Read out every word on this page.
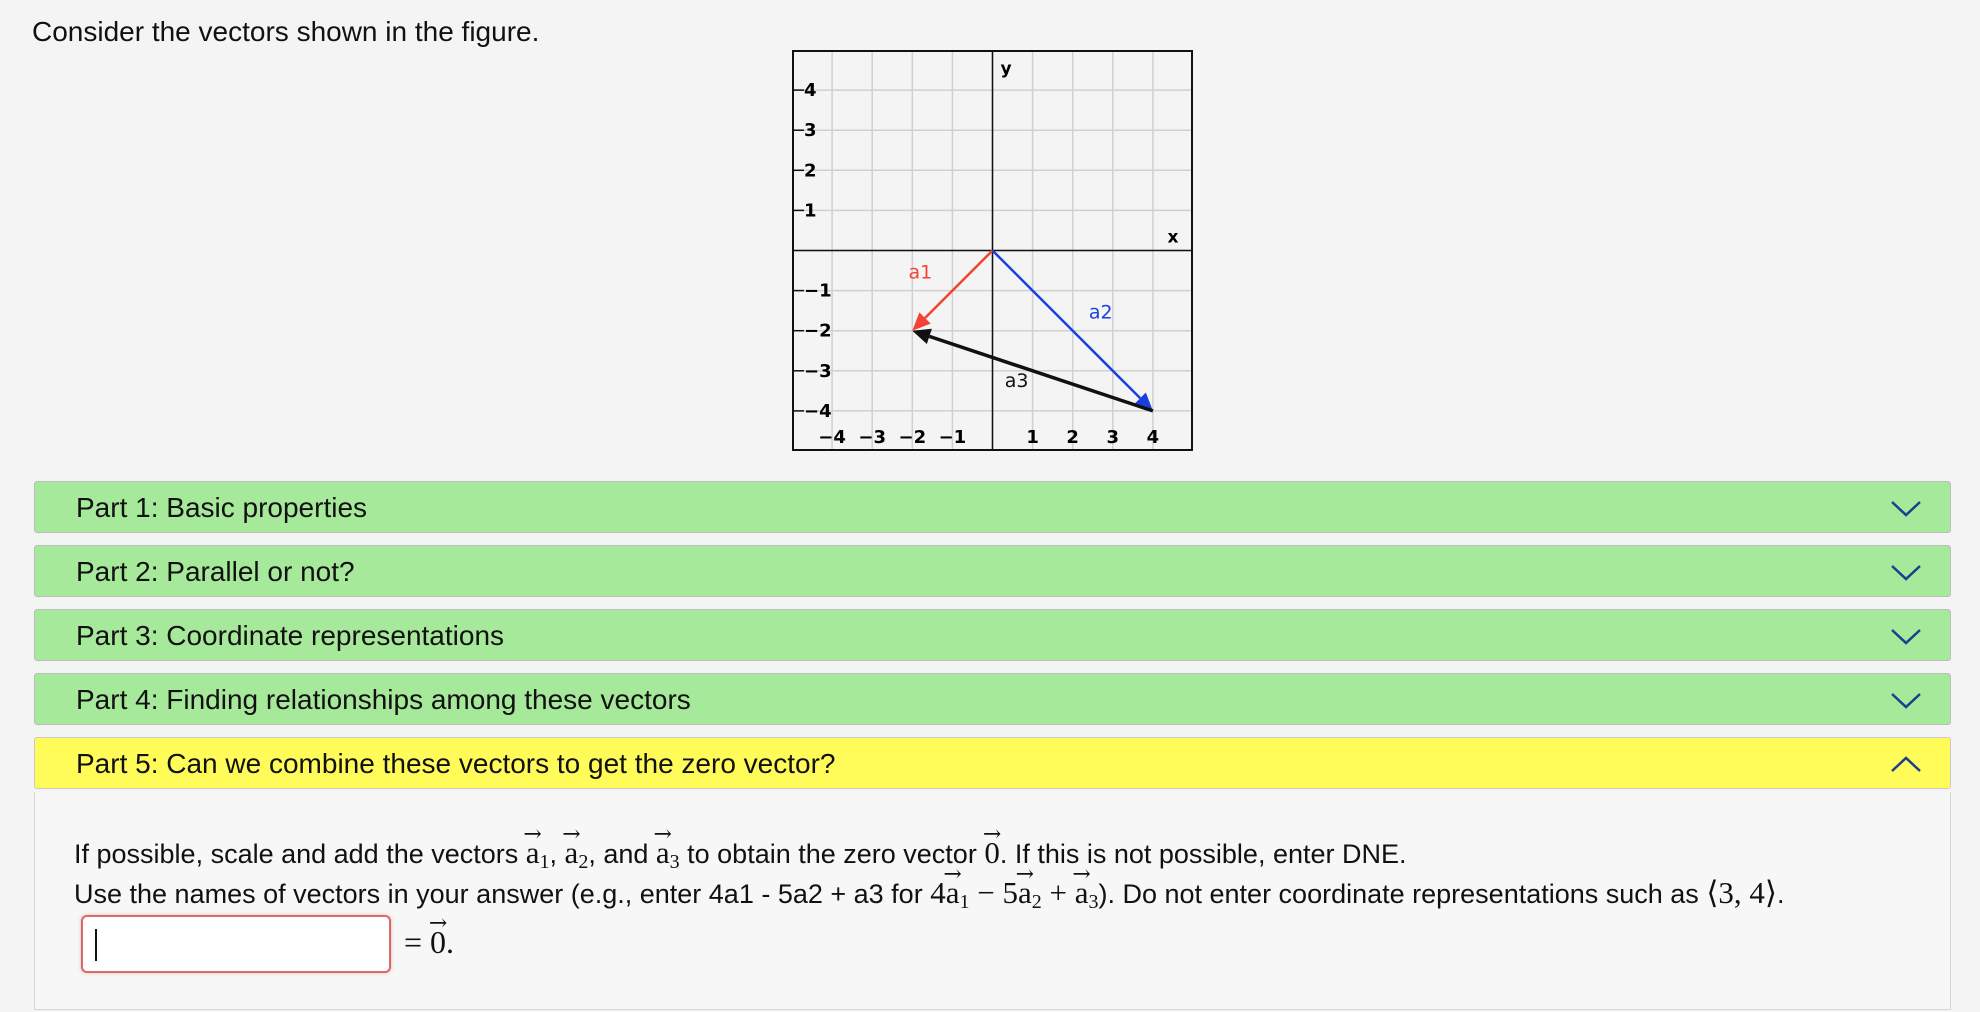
Consider the vectors shown in the figure.
−4 −3 −2 −1	1 2 3 4
4
3
2
1
−1
−2
−3
−4
a1
a2
a3
x
y
Part 1: Basic properties
Part 2: Parallel or not?
Part 3: Coordinate representations
Part 4: Finding relationships among these vectors
Part 5: Can we combine these vectors to get the zero vector?
If possible, scale and add the vectors → $a_1$, → $a_2$, and → $a_3$ to obtain the zero vector → 0. If this is not possible, enter DNE.
Use the names of vectors in your answer (e.g., enter 4a1 - 5a2 + a3 for $4\to a_1 - 5\to a_2$ + → $a_3$). Do not enter coordinate representations such as ⟨3, 4⟩.
= → 0.
